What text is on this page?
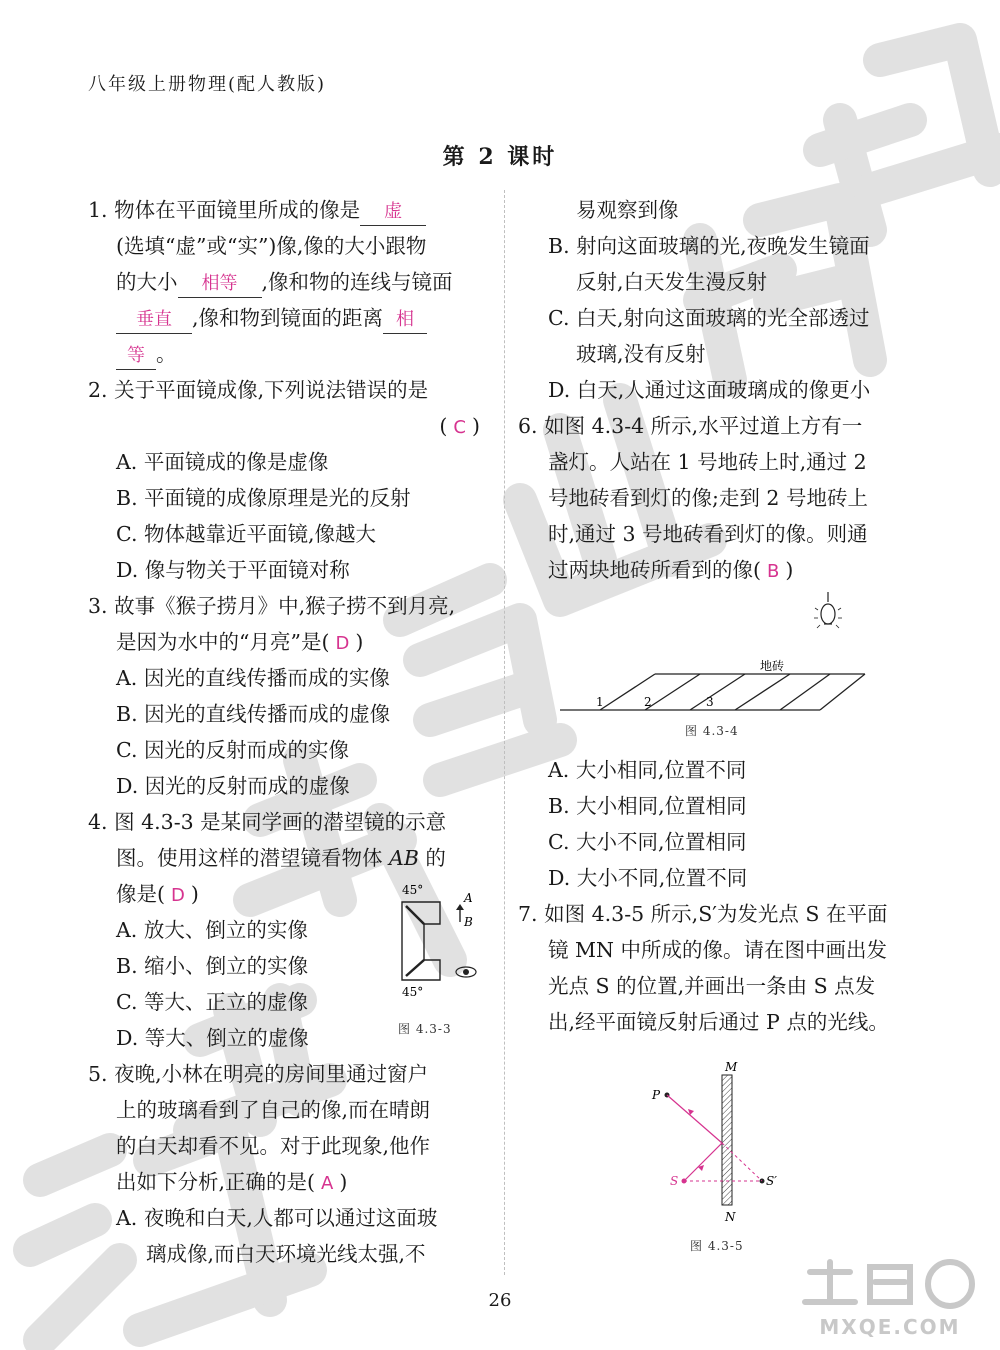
八年级上册物理(配人教版)
第 2 课时
1. 物体在平面镜里所成的像是 虚
(选填“虚”或“实”)像,像的大小跟物
的大小 相等 ,像和物的连线与镜面
垂直 ,像和物到镜面的距离 相
等 。
2. 关于平面镜成像,下列说法错误的是
( C )
A. 平面镜成的像是虚像
B. 平面镜的成像原理是光的反射
C. 物体越靠近平面镜,像越大
D. 像与物关于平面镜对称
3. 故事《猴子捞月》中,猴子捞不到月亮,
是因为水中的“月亮”是( D )
A. 因光的直线传播而成的实像
B. 因光的直线传播而成的虚像
C. 因光的反射而成的实像
D. 因光的反射而成的虚像
4. 图 4.3-3 是某同学画的潜望镜的示意
图。使用这样的潜望镜看物体 AB 的
像是( D )
A. 放大、倒立的实像
B. 缩小、倒立的实像
C. 等大、正立的虚像
D. 等大、倒立的虚像
5. 夜晚,小林在明亮的房间里通过窗户
上的玻璃看到了自己的像,而在晴朗
的白天却看不见。对于此现象,他作
出如下分析,正确的是( A )
A. 夜晚和白天,人都可以通过这面玻
璃成像,而白天环境光线太强,不
45°
A
B
45°
图 4.3-3
易观察到像
B. 射向这面玻璃的光,夜晚发生镜面
反射,白天发生漫反射
C. 白天,射向这面玻璃的光全部透过
玻璃,没有反射
D. 白天,人通过这面玻璃成的像更小
6. 如图 4.3-4 所示,水平过道上方有一
盏灯。人站在 1 号地砖上时,通过 2
号地砖看到灯的像;走到 2 号地砖上
时,通过 3 号地砖看到灯的像。则通
过两块地砖所看到的像( B )
地砖
1	2	3
图 4.3-4
A. 大小相同,位置不同
B. 大小相同,位置相同
C. 大小不同,位置相同
D. 大小不同,位置不同
7. 如图 4.3-5 所示,S′为发光点 S 在平面
镜 MN 中所成的像。请在图中画出发
光点 S 的位置,并画出一条由 S 点发
出,经平面镜反射后通过 P 点的光线。
M
N
P
S′
S
图 4.3-5
26
MXQE.COM
